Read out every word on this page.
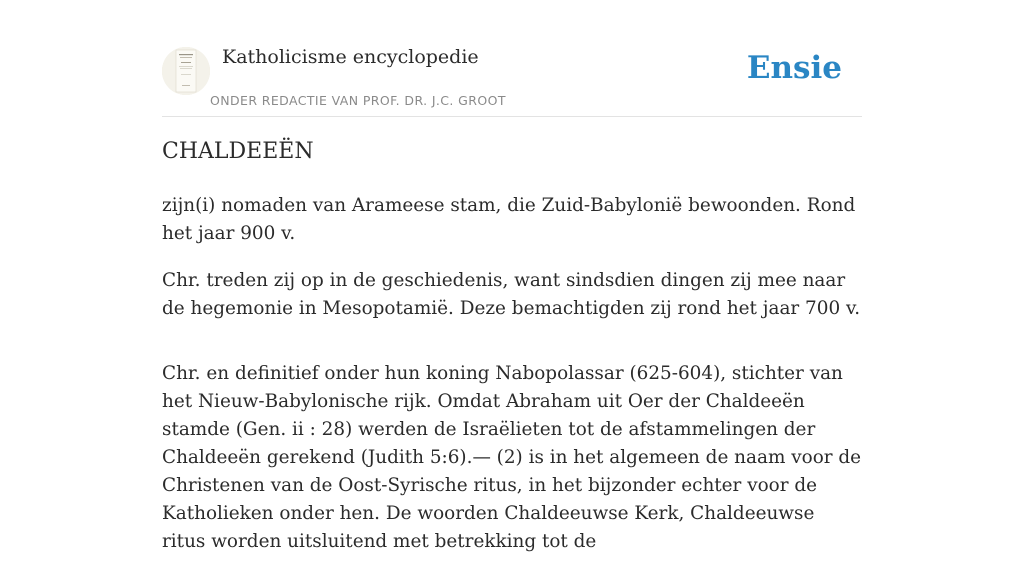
Katholicisme encyclopedie
ONDER REDACTIE VAN PROF. DR. J.C. GROOT
Ensie
CHALDEEËN

zijn(i) nomaden van Arameese stam, die Zuid-Babylonië bewoonden. Rond het jaar 900 v.

Chr. treden zij op in de geschiedenis, want sindsdien dingen zij mee naar de hegemonie in Mesopotamië. Deze bemachtigden zij rond het jaar 700 v.

Chr. en definitief onder hun koning Nabopolassar (625-604), stichter van het Nieuw-Babylonische rijk. Omdat Abraham uit Oer der Chaldeeën stamde (Gen. ii : 28) werden de Israëlieten tot de afstammelingen der Chaldeeën gerekend (Judith 5:6).— (2) is in het algemeen de naam voor de Christenen van de Oost-Syrische ritus, in het bijzonder echter voor de Katholieken onder hen. De woorden Chaldeeuwse Kerk, Chaldeeuwse ritus worden uitsluitend met betrekking tot de
